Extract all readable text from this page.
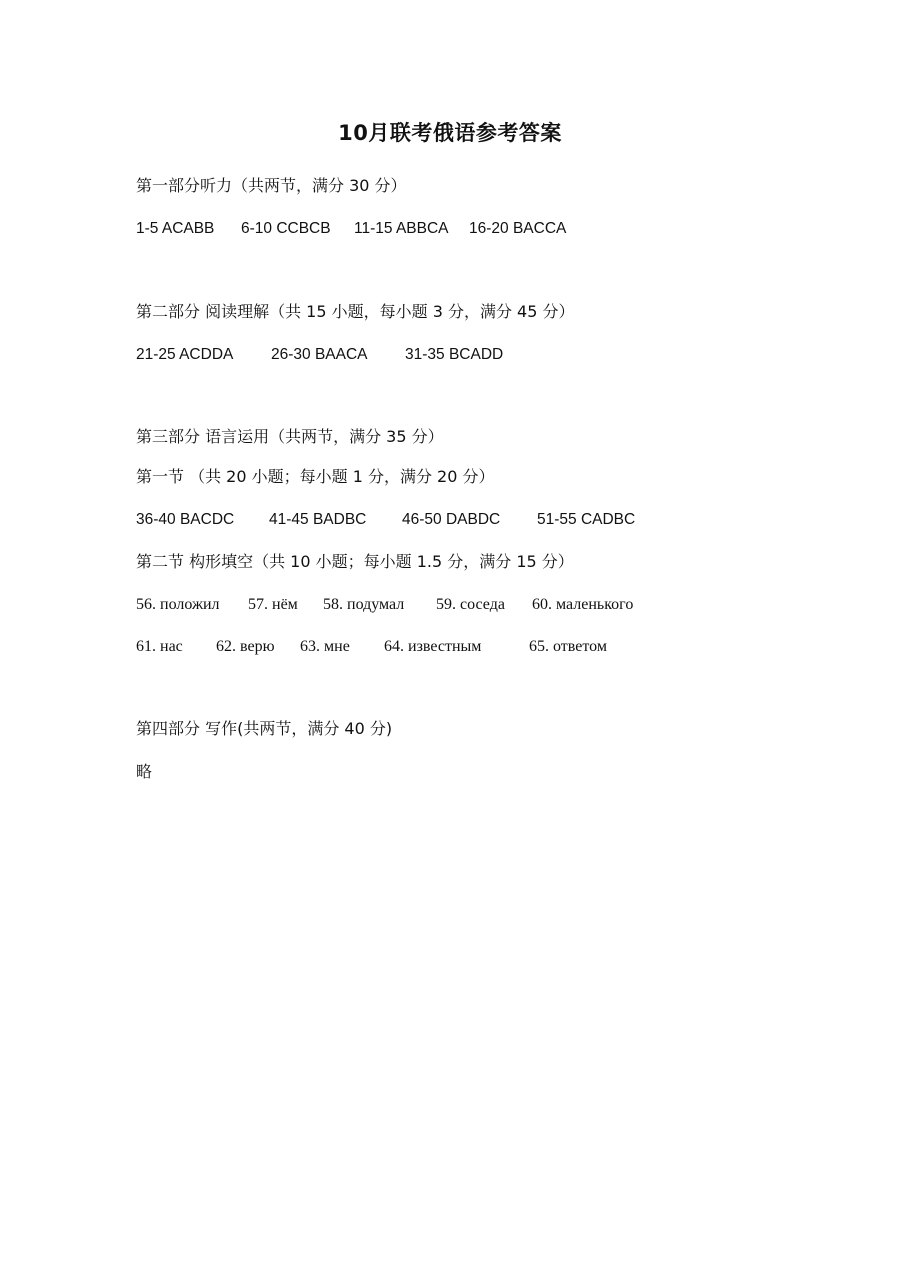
10月联考俄语参考答案
第一部分听力（共两节，满分 30 分）
1-5 ACABB 6-10 CCBCB 11-15 ABBCA 16-20 BACCA
第二部分 阅读理解（共 15 小题，每小题 3 分，满分 45 分）
21-25 ACDDA 26-30 BAACA 31-35 BCADD
第三部分 语言运用（共两节，满分 35 分）
第一节 （共 20 小题；每小题 1 分，满分 20 分）
36-40 BACDC 41-45 BADBC 46-50 DABDC 51-55 CADBC
第二节 构形填空（共 10 小题；每小题 1.5 分，满分 15 分）
56. положил 57. нём 58. подумал 59. соседа 60. маленького
61. нас 62. верю 63. мне 64. известным	65. ответом
第四部分 写作(共两节，满分 40 分)
略
